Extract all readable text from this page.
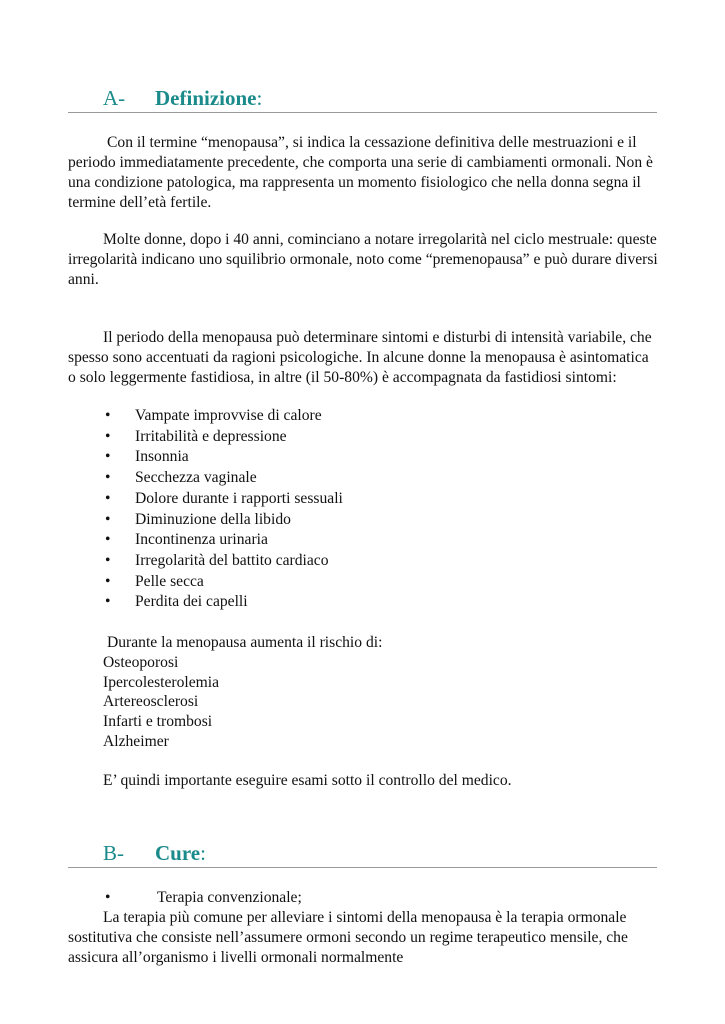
A- Definizione:

Con il termine “menopausa”, si indica la cessazione definitiva delle mestruazioni e il periodo immediatamente precedente, che comporta una serie di cambiamenti ormonali. Non è una condizione patologica, ma rappresenta un momento fisiologico che nella donna segna il termine dell’età fertile.

Molte donne, dopo i 40 anni, cominciano a notare irregolarità nel ciclo mestruale: queste irregolarità indicano uno squilibrio ormonale, noto come “premenopausa” e può durare diversi anni.

Il periodo della menopausa può determinare sintomi e disturbi di intensità variabile, che spesso sono accentuati da ragioni psicologiche. In alcune donne la menopausa è asintomatica o solo leggermente fastidiosa, in altre (il 50-80%) è accompagnata da fastidiosi sintomi:

• Vampate improvvise di calore
• Irritabilità e depressione
• Insonnia
• Secchezza vaginale
• Dolore durante i rapporti sessuali
• Diminuzione della libido
• Incontinenza urinaria
• Irregolarità del battito cardiaco
• Pelle secca
• Perdita dei capelli
Durante la menopausa aumenta il rischio di:
Osteoporosi
Ipercolesterolemia
Artereosclerosi
Infarti e trombosi
Alzheimer

E’ quindi importante eseguire esami sotto il controllo del medico.

B- Cure:
•	Terapia convenzionale;

La terapia più comune per alleviare i sintomi della menopausa è la terapia ormonale sostitutiva che consiste nell’assumere ormoni secondo un regime terapeutico mensile, che assicura all’organismo i livelli ormonali normalmente
